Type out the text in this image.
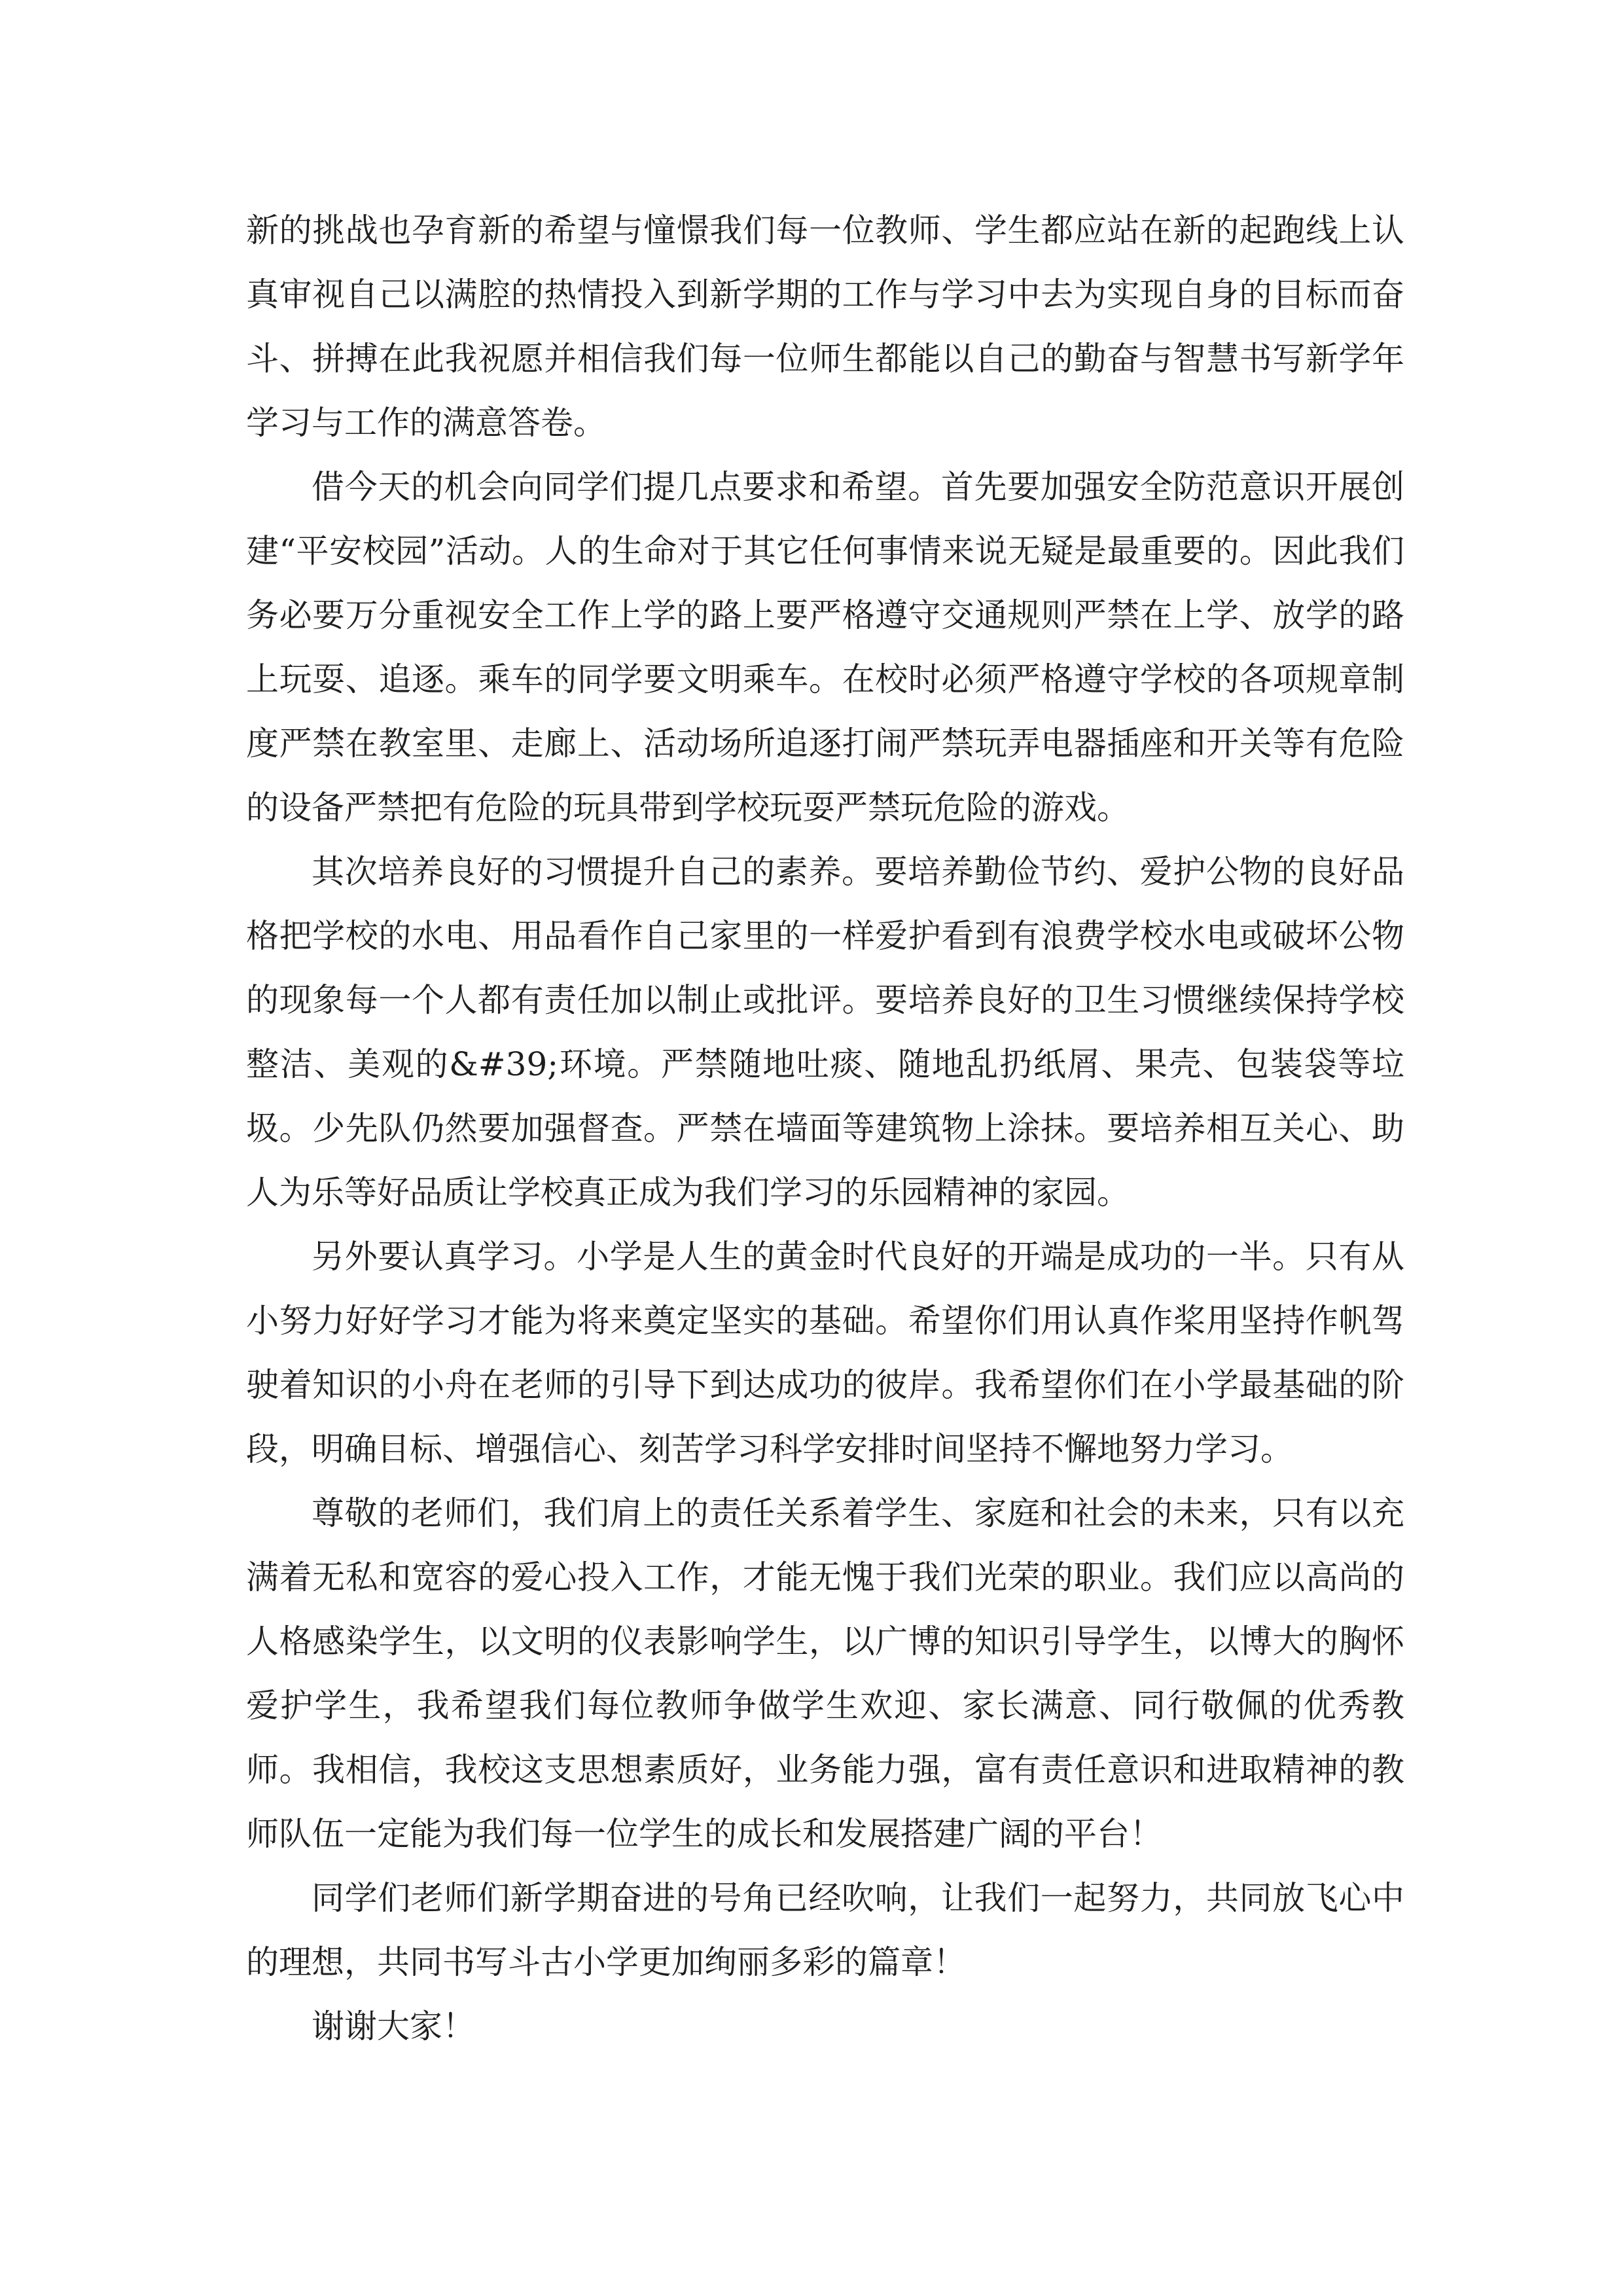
新的挑战也孕育新的希望与憧憬我们每一位教师、学生都应站在新的起跑线上认真审视自己以满腔的热情投入到新学期的工作与学习中去为实现自身的目标而奋斗、拼搏在此我祝愿并相信我们每一位师生都能以自己的勤奋与智慧书写新学年学习与工作的满意答卷。

借今天的机会向同学们提几点要求和希望。首先要加强安全防范意识开展创建“平安校园”活动。人的生命对于其它任何事情来说无疑是最重要的。因此我们务必要万分重视安全工作上学的路上要严格遵守交通规则严禁在上学、放学的路上玩耍、追逐。乘车的同学要文明乘车。在校时必须严格遵守学校的各项规章制度严禁在教室里、走廊上、活动场所追逐打闹严禁玩弄电器插座和开关等有危险的设备严禁把有危险的玩具带到学校玩耍严禁玩危险的游戏。

其次培养良好的习惯提升自己的素养。要培养勤俭节约、爱护公物的良好品格把学校的水电、用品看作自己家里的一样爱护看到有浪费学校水电或破坏公物的现象每一个人都有责任加以制止或批评。要培养良好的卫生习惯继续保持学校整洁、美观的&#39;环境。严禁随地吐痰、随地乱扔纸屑、果壳、包装袋等垃圾。少先队仍然要加强督查。严禁在墙面等建筑物上涂抹。要培养相互关心、助人为乐等好品质让学校真正成为我们学习的乐园精神的家园。

另外要认真学习。小学是人生的黄金时代良好的开端是成功的一半。只有从小努力好好学习才能为将来奠定坚实的基础。希望你们用认真作桨用坚持作帆驾驶着知识的小舟在老师的引导下到达成功的彼岸。我希望你们在小学最基础的阶段，明确目标、增强信心、刻苦学习科学安排时间坚持不懈地努力学习。

尊敬的老师们，我们肩上的责任关系着学生、家庭和社会的未来，只有以充满着无私和宽容的爱心投入工作，才能无愧于我们光荣的职业。我们应以高尚的人格感染学生，以文明的仪表影响学生，以广博的知识引导学生，以博大的胸怀爱护学生，我希望我们每位教师争做学生欢迎、家长满意、同行敬佩的优秀教师。我相信，我校这支思想素质好，业务能力强，富有责任意识和进取精神的教师队伍一定能为我们每一位学生的成长和发展搭建广阔的平台！

同学们老师们新学期奋进的号角已经吹响，让我们一起努力，共同放飞心中的理想，共同书写斗古小学更加绚丽多彩的篇章！

谢谢大家！
